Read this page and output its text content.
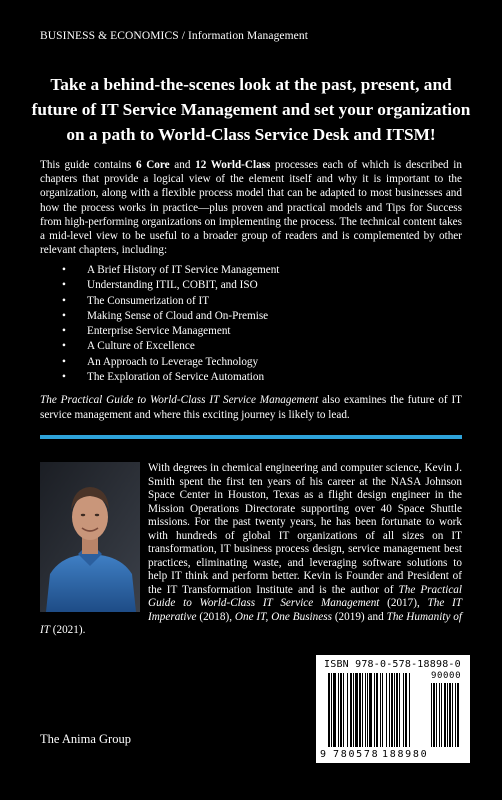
BUSINESS & ECONOMICS / Information Management
Take a behind-the-scenes look at the past, present, and future of IT Service Management and set your organization on a path to World-Class Service Desk and ITSM!
This guide contains 6 Core and 12 World-Class processes each of which is described in chapters that provide a logical view of the element itself and why it is important to the organization, along with a flexible process model that can be adapted to most businesses and how the process works in practice—plus proven and practical models and Tips for Success from high-performing organizations on implementing the process. The technical content takes a mid-level view to be useful to a broader group of readers and is complemented by other relevant chapters, including:
• A Brief History of IT Service Management
• Understanding ITIL, COBIT, and ISO
• The Consumerization of IT
• Making Sense of Cloud and On-Premise
• Enterprise Service Management
• A Culture of Excellence
• An Approach to Leverage Technology
• The Exploration of Service Automation
The Practical Guide to World-Class IT Service Management also examines the future of IT service management and where this exciting journey is likely to lead.
With degrees in chemical engineering and computer science, Kevin J. Smith spent the first ten years of his career at the NASA Johnson Space Center in Houston, Texas as a flight design engineer in the Mission Operations Directorate supporting over 40 Space Shuttle missions. For the past twenty years, he has been fortunate to work with hundreds of global IT organizations of all sizes on IT transformation, IT business process design, service management best practices, eliminating waste, and leveraging software solutions to help IT think and perform better. Kevin is Founder and President of the IT Transformation Institute and is the author of The Practical Guide to World-Class IT Service Management (2017), The IT Imperative (2018), One IT, One Business (2019) and The Humanity of IT (2021).
The Anima Group
ISBN 978-0-578-18898-0
90000
9 780578 188980
